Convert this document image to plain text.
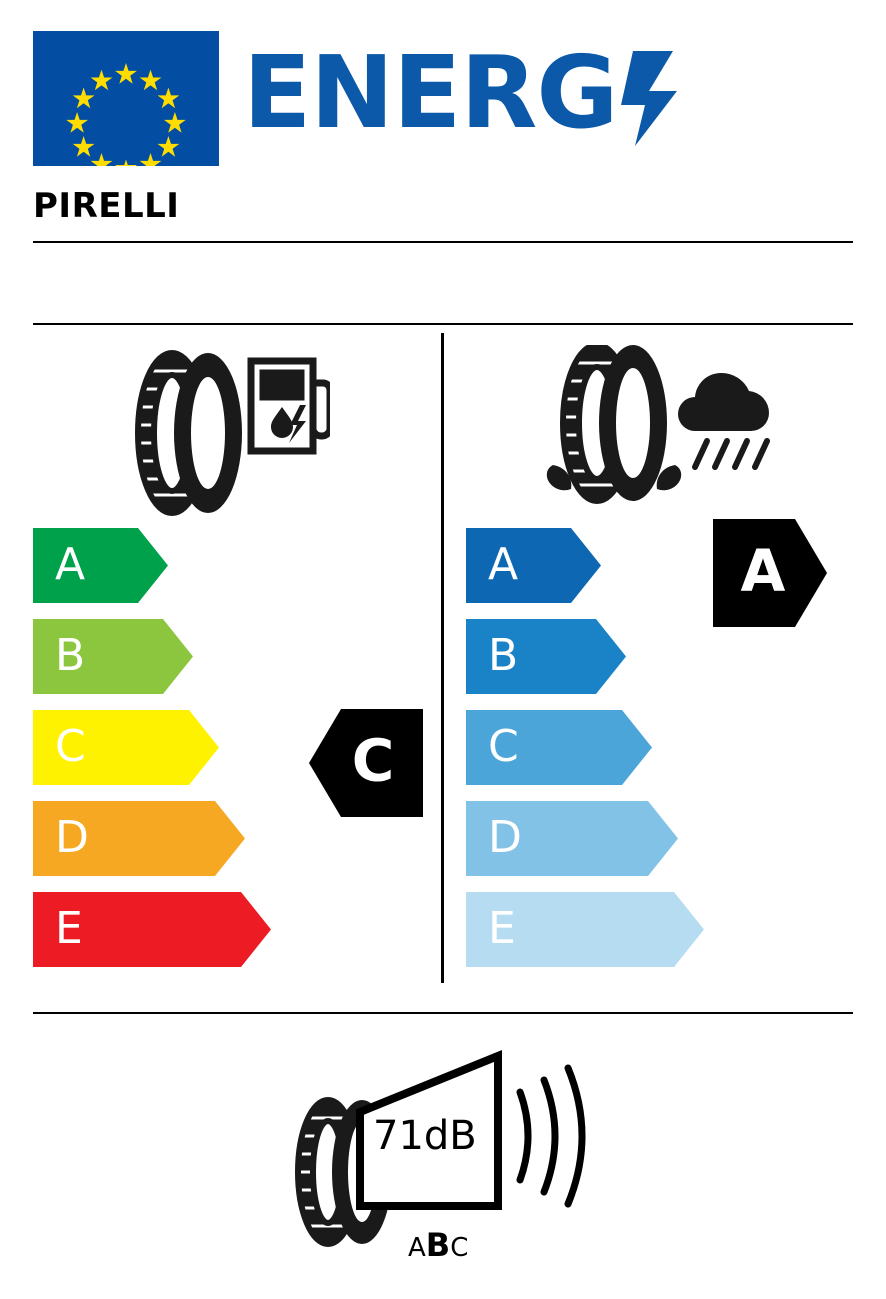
ENERG
PIRELLI
A
B
C
D
E
C
A
B
C
D
E
A
71dB
ABC
